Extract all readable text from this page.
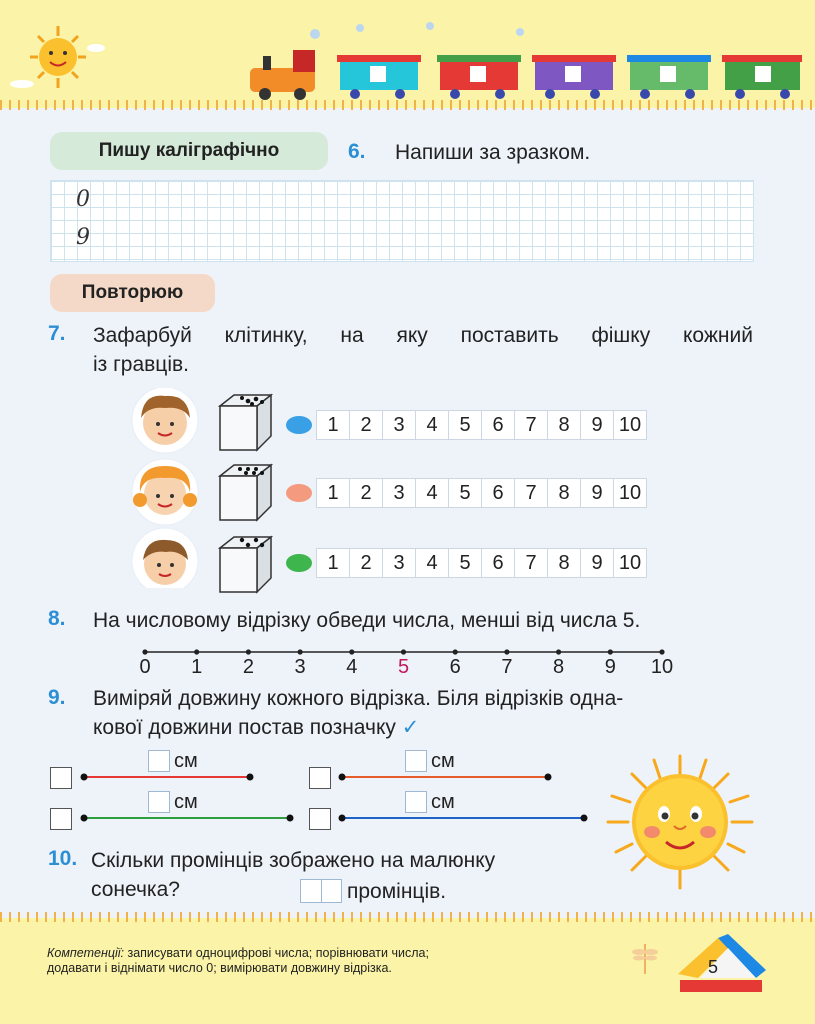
Пишу каліграфічно	6. Напиши за зразком.
0
9
Повторюю
7. Зафарбуй клітинку, на яку поставить фішку кожний
із гравців.
1	2	3	4	5	6	7	8	9 10
1	2	3	4	5	6	7	8	9 10
1	2	3	4	5	6	7	8	9 10
8. На числовому відрізку обведи числа, менші від числа 5.
0	1	2	3	4	5	6	7	8	9	10
9. Виміряй довжину кожного відрізка. Біля відрізків одна-
кової довжини постав позначку ✓
см
см
см
см
10. Скільки промінців зображено на малюнку
сонечка?	промінців.
Компетенції: записувати одноцифрові числа; порівнювати числа;
додавати і віднімати число 0; вимірювати довжину відрізка.	5
